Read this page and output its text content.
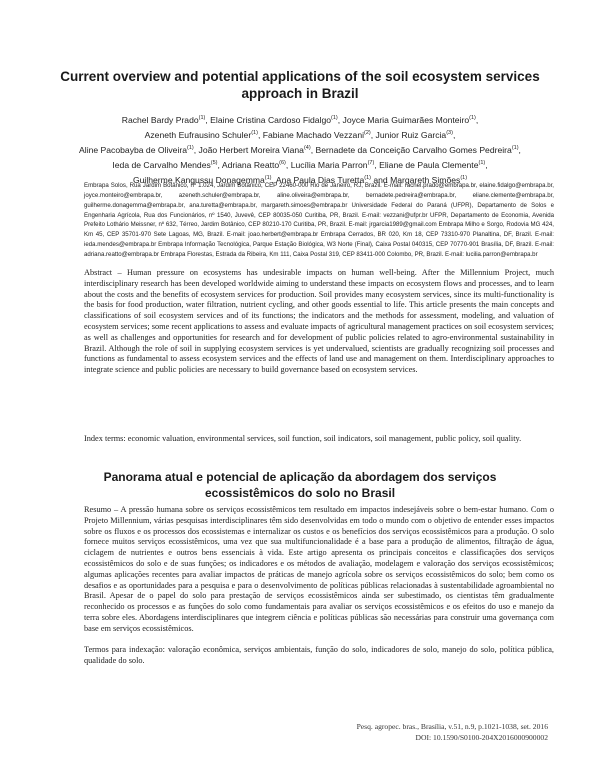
Current overview and potential applications of the soil ecosystem services approach in Brazil
Rachel Bardy Prado$^{(1)}$, Elaine Cristina Cardoso Fidalgo$^{(1)}$, Joyce Maria Guimarães Monteiro$^{(1)}$,
Azeneth Eufrausino Schuler$^{(1)}$, Fabiane Machado Vezzani$^{(2)}$, Junior Ruiz Garcia$^{(3)}$,
Aline Pacobayba de Oliveira$^{(1)}$, João Herbert Moreira Viana$^{(4)}$, Bernadete da Conceição Carvalho Gomes Pedreira$^{(1)}$,
Ieda de Carvalho Mendes$^{(5)}$, Adriana Reatto$^{(6)}$, Lucília Maria Parron$^{(7)}$, Eliane de Paula Clemente$^{(1)}$,
Guilherme Kangussu Donagemma$^{(1)}$, Ana Paula Dias Turetta$^{(1)}$ and Margareth Simões$^{(1)}$
Embrapa Solos, Rua Jardim Botânico, nº 1.024, Jardim Botânico, CEP 22460-000 Rio de Janeiro, RJ, Brazil. E-mail: rachel.prado@embrapa.br, elaine.fidalgo@embrapa.br, joyce.monteiro@embrapa.br, azeneth.schuler@embrapa.br, aline.oliveira@embrapa.br, bernadete.pedreira@embrapa.br, eliane.clemente@embrapa.br, guilherme.donagemma@embrapa.br, ana.turetta@embrapa.br, margareth.simoes@embrapa.br Universidade Federal do Paraná (UFPR), Departamento de Solos e Engenharia Agrícola, Rua dos Funcionários, nº 1540, Juvevê, CEP 80035-050 Curitiba, PR, Brazil. E-mail: vezzani@ufpr.br UFPR, Departamento de Economia, Avenida Prefeito Lothário Meissner, nº 632, Térreo, Jardim Botânico, CEP 80210-170 Curitiba, PR, Brazil. E-mail: jrgarcia1989@gmail.com Embrapa Milho e Sorgo, Rodovia MG 424, Km 45, CEP 35701-970 Sete Lagoas, MG, Brazil. E-mail: joao.herbert@embrapa.br Embrapa Cerrados, BR 020, Km 18, CEP 73310-970 Planaltina, DF, Brazil. E-mail: ieda.mendes@embrapa.br Embrapa Informação Tecnológica, Parque Estação Biológica, W3 Norte (Final), Caixa Postal 040315, CEP 70770-901 Brasília, DF, Brazil. E-mail: adriana.reatto@embrapa.br Embrapa Florestas, Estrada da Ribeira, Km 111, Caixa Postal 319, CEP 83411-000 Colombo, PR, Brazil. E-mail: lucilia.parron@embrapa.br
Abstract – Human pressure on ecosystems has undesirable impacts on human well-being. After the Millennium Project, much interdisciplinary research has been developed worldwide aiming to understand these impacts on ecosystem flows and processes, and to learn about the costs and the benefits of ecosystem services for production. Soil provides many ecosystem services, since its multi-functionality is the basis for food production, water filtration, nutrient cycling, and other goods essential to life. This article presents the main concepts and classifications of soil ecosystem services and of its functions; the indicators and the methods for assessment, modeling, and valuation of ecosystem services; some recent applications to assess and evaluate impacts of agricultural management practices on soil ecosystem services; as well as challenges and opportunities for research and for development of public policies related to agro-environmental sustainability in Brazil. Although the role of soil in supplying ecosystem services is yet undervalued, scientists are gradually recognizing soil processes and functions as fundamental to assess ecosystem services and the effects of land use and management on them. Interdisciplinary approaches to integrate science and public policies are necessary to build governance based on ecosystem services.
Index terms: economic valuation, environmental services, soil function, soil indicators, soil management, public policy, soil quality.
Panorama atual e potencial de aplicação da abordagem dos serviços ecossistêmicos do solo no Brasil
Resumo – A pressão humana sobre os serviços ecossistêmicos tem resultado em impactos indesejáveis sobre o bem-estar humano. Com o Projeto Millennium, várias pesquisas interdisciplinares têm sido desenvolvidas em todo o mundo com o objetivo de entender esses impactos sobre os fluxos e os processos dos ecossistemas e internalizar os custos e os benefícios dos serviços ecossistêmicos para a produção. O solo fornece muitos serviços ecossistêmicos, uma vez que sua multifuncionalidade é a base para a produção de alimentos, filtração de água, ciclagem de nutrientes e outros bens essenciais à vida. Este artigo apresenta os principais conceitos e classificações dos serviços ecossistêmicos do solo e de suas funções; os indicadores e os métodos de avaliação, modelagem e valoração dos serviços ecossistêmicos; algumas aplicações recentes para avaliar impactos de práticas de manejo agrícola sobre os serviços ecossistêmicos do solo; bem como os desafios e as oportunidades para a pesquisa e para o desenvolvimento de políticas públicas relacionadas à sustentabilidade agroambiental no Brasil. Apesar de o papel do solo para prestação de serviços ecossistêmicos ainda ser subestimado, os cientistas têm gradualmente reconhecido os processos e as funções do solo como fundamentais para avaliar os serviços ecossistêmicos e os efeitos do uso e manejo da terra sobre eles. Abordagens interdisciplinares que integrem ciência e políticas públicas são necessárias para construir uma governança com base em serviços ecossistêmicos.
Termos para indexação: valoração econômica, serviços ambientais, função do solo, indicadores de solo, manejo do solo, política pública, qualidade do solo.
Pesq. agropec. bras., Brasília, v.51, n.9, p.1021-1038, set. 2016
DOI: 10.1590/S0100-204X2016000900002
